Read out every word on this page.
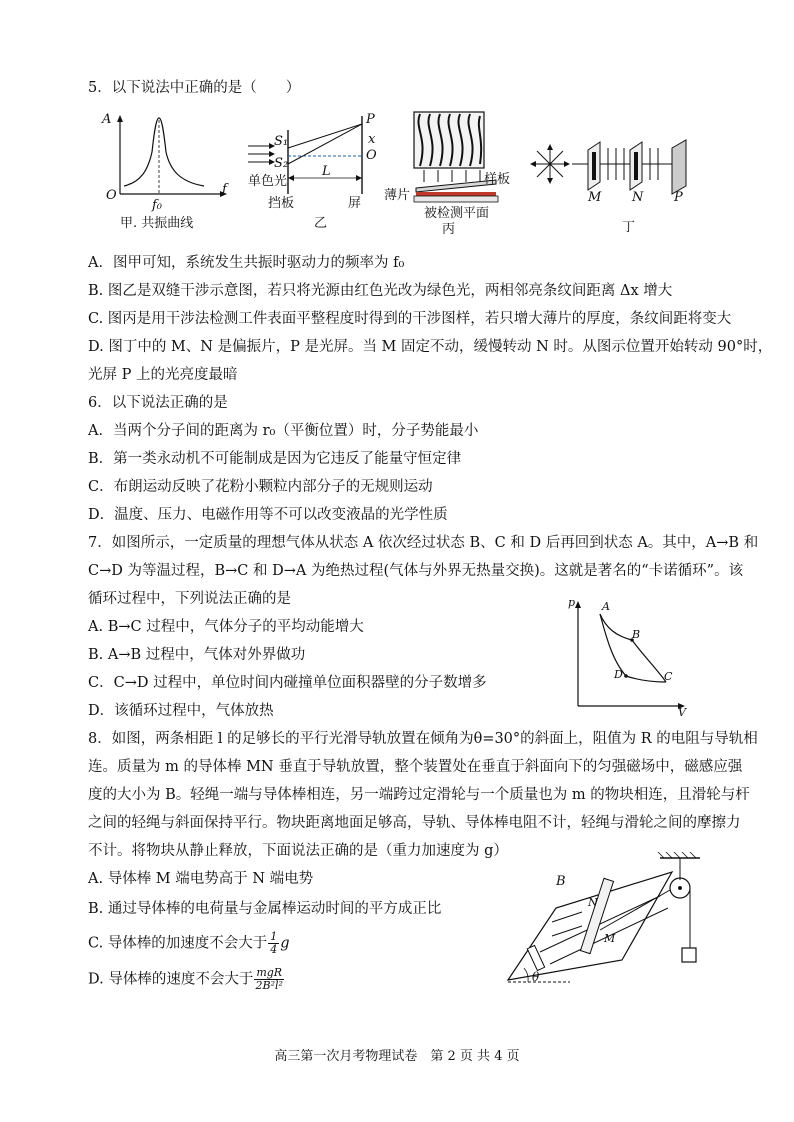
5．以下说法中正确的是（　　）
A
f
O
f₀
甲. 共振曲线
S₁
S₂
P
x
O
L
单色光
挡板	屏
乙
薄片
样板
被检测平面
丙
M N P
丁
A．图甲可知，系统发生共振时驱动力的频率为 f₀
B. 图乙是双缝干涉示意图，若只将光源由红色光改为绿色光，两相邻亮条纹间距离 Δx 增大
C. 图丙是用干涉法检测工件表面平整程度时得到的干涉图样，若只增大薄片的厚度，条纹间距将变大
D. 图丁中的 M、N 是偏振片，P 是光屏。当 M 固定不动，缓慢转动 N 时。从图示位置开始转动 90°时，
光屏 P 上的光亮度最暗
6．以下说法正确的是
A．当两个分子间的距离为 r₀（平衡位置）时，分子势能最小
B．第一类永动机不可能制成是因为它违反了能量守恒定律
C．布朗运动反映了花粉小颗粒内部分子的无规则运动
D．温度、压力、电磁作用等不可以改变液晶的光学性质
7．如图所示，一定质量的理想气体从状态 A 依次经过状态 B、C 和 D 后再回到状态 A。其中，A→B 和
C→D 为等温过程，B→C 和 D→A 为绝热过程(气体与外界无热量交换)。这就是著名的“卡诺循环”。该
循环过程中，下列说法正确的是
A. B→C 过程中，气体分子的平均动能增大
B. A→B 过程中，气体对外界做功
C．C→D 过程中，单位时间内碰撞单位面积器壁的分子数增多
D．该循环过程中，气体放热
p
V
A
B
C
D
8．如图，两条相距 l 的足够长的平行光滑导轨放置在倾角为θ=30°的斜面上，阻值为 R 的电阻与导轨相
连。质量为 m 的导体棒 MN 垂直于导轨放置，整个装置处在垂直于斜面向下的匀强磁场中，磁感应强
度的大小为 B。轻绳一端与导体棒相连，另一端跨过定滑轮与一个质量也为 m 的物块相连，且滑轮与杆
之间的轻绳与斜面保持平行。物块距离地面足够高，导轨、导体棒电阻不计，轻绳与滑轮之间的摩擦力
不计。将物块从静止释放，下面说法正确的是（重力加速度为 g）
A. 导体棒 M 端电势高于 N 端电势
B. 通过导体棒的电荷量与金属棒运动时间的平方成正比
C. 导体棒的加速度不会大于 $\frac{1}{4}$ g
D. 导体棒的速度不会大于 $\frac{\text{mgR}}{\text{2B²l²}}$
B
N
M
θ
高三第一次月考物理试卷　第 2 页 共 4 页
